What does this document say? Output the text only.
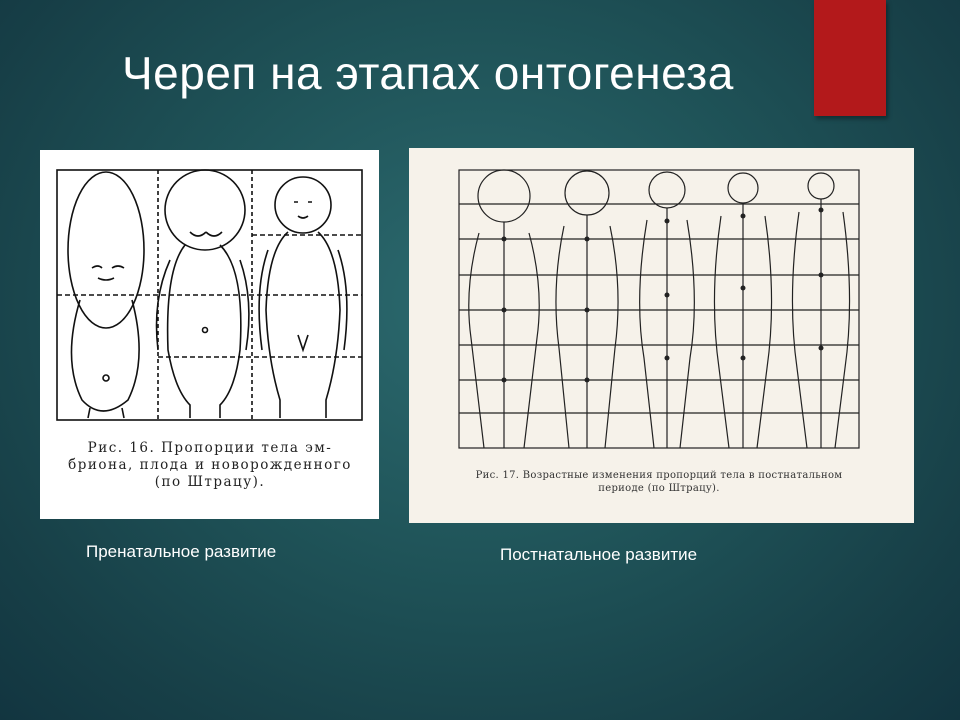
Череп на этапах онтогенеза
Рис. 16. Пропорции тела эм-
бриона, плода и новорожденного
(по Штрацу).	Рис. 17. Возрастные изменения пропорций тела в постнатальном
периоде (по Штрацу).
Пренатальное развитие	Постнатальное развитие
